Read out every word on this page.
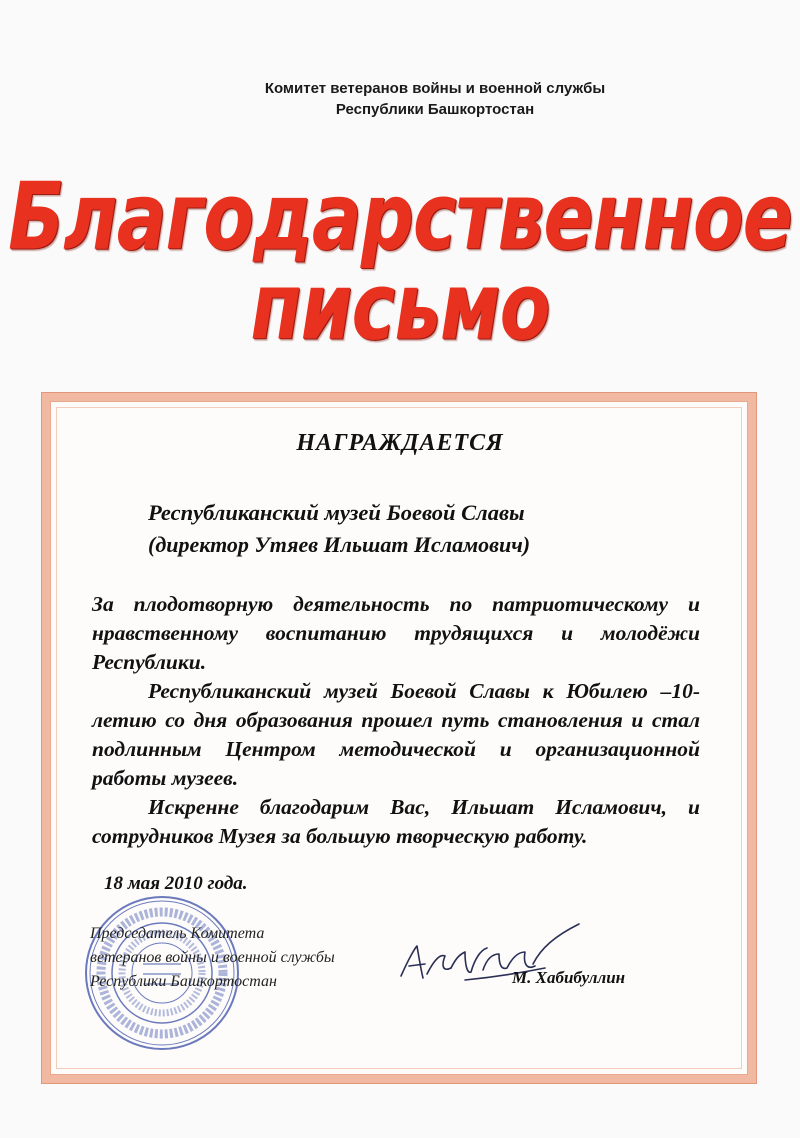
Комитет ветеранов войны и военной службы
Республики Башкортостан
Благодарственное
письмо
НАГРАЖДАЕТСЯ
Республиканский музей Боевой Славы
(директор Утяев Ильшат Исламович)

За плодотворную деятельность по патриотическому и нравственному воспитанию трудящихся и молодёжи Республики.

Республиканский музей Боевой Славы к Юбилею –10-летию со дня образования прошел путь становления и стал подлинным Центром методической и организационной работы музеев.

Искренне благодарим Вас, Ильшат Исламович, и сотрудников Музея за большую творческую работу.

18 мая 2010 года.
Председатель Комитета
ветеранов войны и военной службы
Республики Башкортостан	М. Хабибуллин
